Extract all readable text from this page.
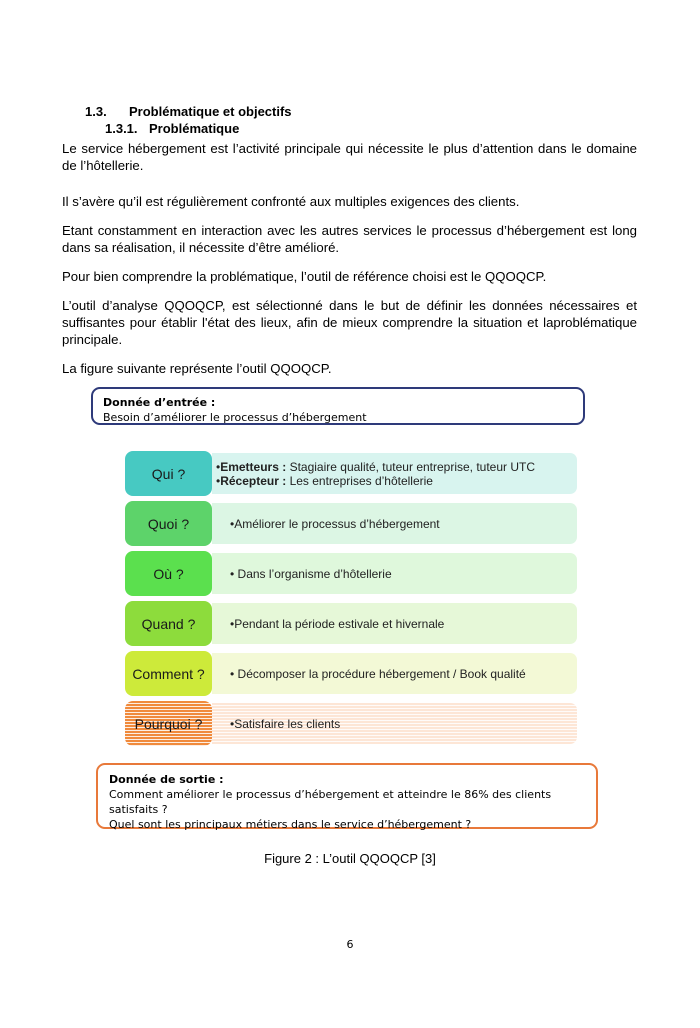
1.3. Problématique et objectifs
1.3.1. Problématique

Le service hébergement est l’activité principale qui nécessite le plus d’attention dans le domaine de l’hôtellerie.

Il s’avère qu’il est régulièrement confronté aux multiples exigences des clients.

Etant constamment en interaction avec les autres services le processus d’hébergement est long dans sa réalisation, il nécessite d’être amélioré.

Pour bien comprendre la problématique, l’outil de référence choisi est le QQOQCP.

L’outil d’analyse QQOQCP, est sélectionné dans le but de définir les données nécessaires et suffisantes pour établir l'état des lieux, afin de mieux comprendre la situation et laproblématique principale.

La figure suivante représente l’outil QQOQCP.

Donnée d’entrée :
Besoin d’améliorer le processus d’hébergement
•Emetteurs : Stagiaire qualité, tuteur entreprise, tuteur UTC
•Récepteur : Les entreprises d’hôtellerie
Qui ?
•Améliorer le processus d’hébergement
Quoi ?
• Dans l’organisme d’hôtellerie
Où ?
•Pendant la période estivale et hivernale
Quand ?
• Décomposer la procédure hébergement / Book qualité
Comment ?
•Satisfaire les clients
Pourquoi ?
Donnée de sortie :
Comment améliorer le processus d’hébergement et atteindre le 86% des clients satisfaits ?
Quel sont les principaux métiers dans le service d’hébergement ?
Figure 2 : L’outil QQOQCP [3]
6
